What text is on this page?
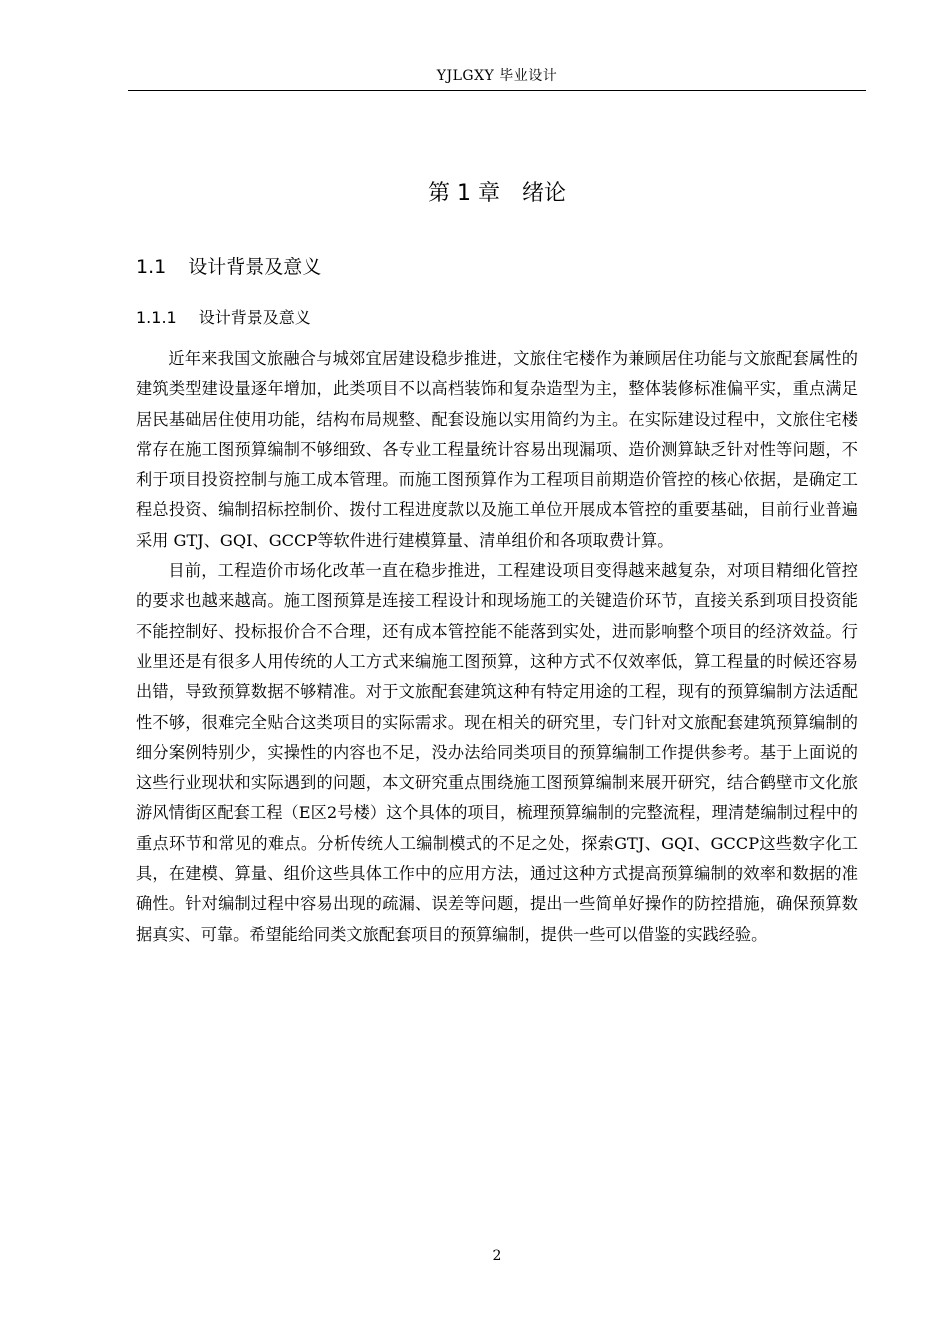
YJLGXY 毕业设计
第 1 章　绪论
1.1 设计背景及意义
1.1.1 设计背景及意义

近年来我国文旅融合与城郊宜居建设稳步推进，文旅住宅楼作为兼顾居住功能与文旅配套属性的建筑类型建设量逐年增加，此类项目不以高档装饰和复杂造型为主，整体装修标准偏平实，重点满足居民基础居住使用功能，结构布局规整、配套设施以实用简约为主。在实际建设过程中，文旅住宅楼常存在施工图预算编制不够细致、各专业工程量统计容易出现漏项、造价测算缺乏针对性等问题，不利于项目投资控制与施工成本管理。而施工图预算作为工程项目前期造价管控的核心依据，是确定工程总投资、编制招标控制价、拨付工程进度款以及施工单位开展成本管控的重要基础，目前行业普遍采用 GTJ、GQI、GCCP等软件进行建模算量、清单组价和各项取费计算。

目前，工程造价市场化改革一直在稳步推进，工程建设项目变得越来越复杂，对项目精细化管控的要求也越来越高。施工图预算是连接工程设计和现场施工的关键造价环节，直接关系到项目投资能不能控制好、投标报价合不合理，还有成本管控能不能落到实处，进而影响整个项目的经济效益。行业里还是有很多人用传统的人工方式来编施工图预算，这种方式不仅效率低，算工程量的时候还容易出错，导致预算数据不够精准。对于文旅配套建筑这种有特定用途的工程，现有的预算编制方法适配性不够，很难完全贴合这类项目的实际需求。现在相关的研究里，专门针对文旅配套建筑预算编制的细分案例特别少，实操性的内容也不足，没办法给同类项目的预算编制工作提供参考。基于上面说的这些行业现状和实际遇到的问题，本文研究重点围绕施工图预算编制来展开研究，结合鹤壁市文化旅游风情街区配套工程（E区2号楼）这个具体的项目，梳理预算编制的完整流程，理清楚编制过程中的重点环节和常见的难点。分析传统人工编制模式的不足之处，探索GTJ、GQI、GCCP这些数字化工具，在建模、算量、组价这些具体工作中的应用方法，通过这种方式提高预算编制的效率和数据的准确性。针对编制过程中容易出现的疏漏、误差等问题，提出一些简单好操作的防控措施，确保预算数据真实、可靠。希望能给同类文旅配套项目的预算编制，提供一些可以借鉴的实践经验。

2
